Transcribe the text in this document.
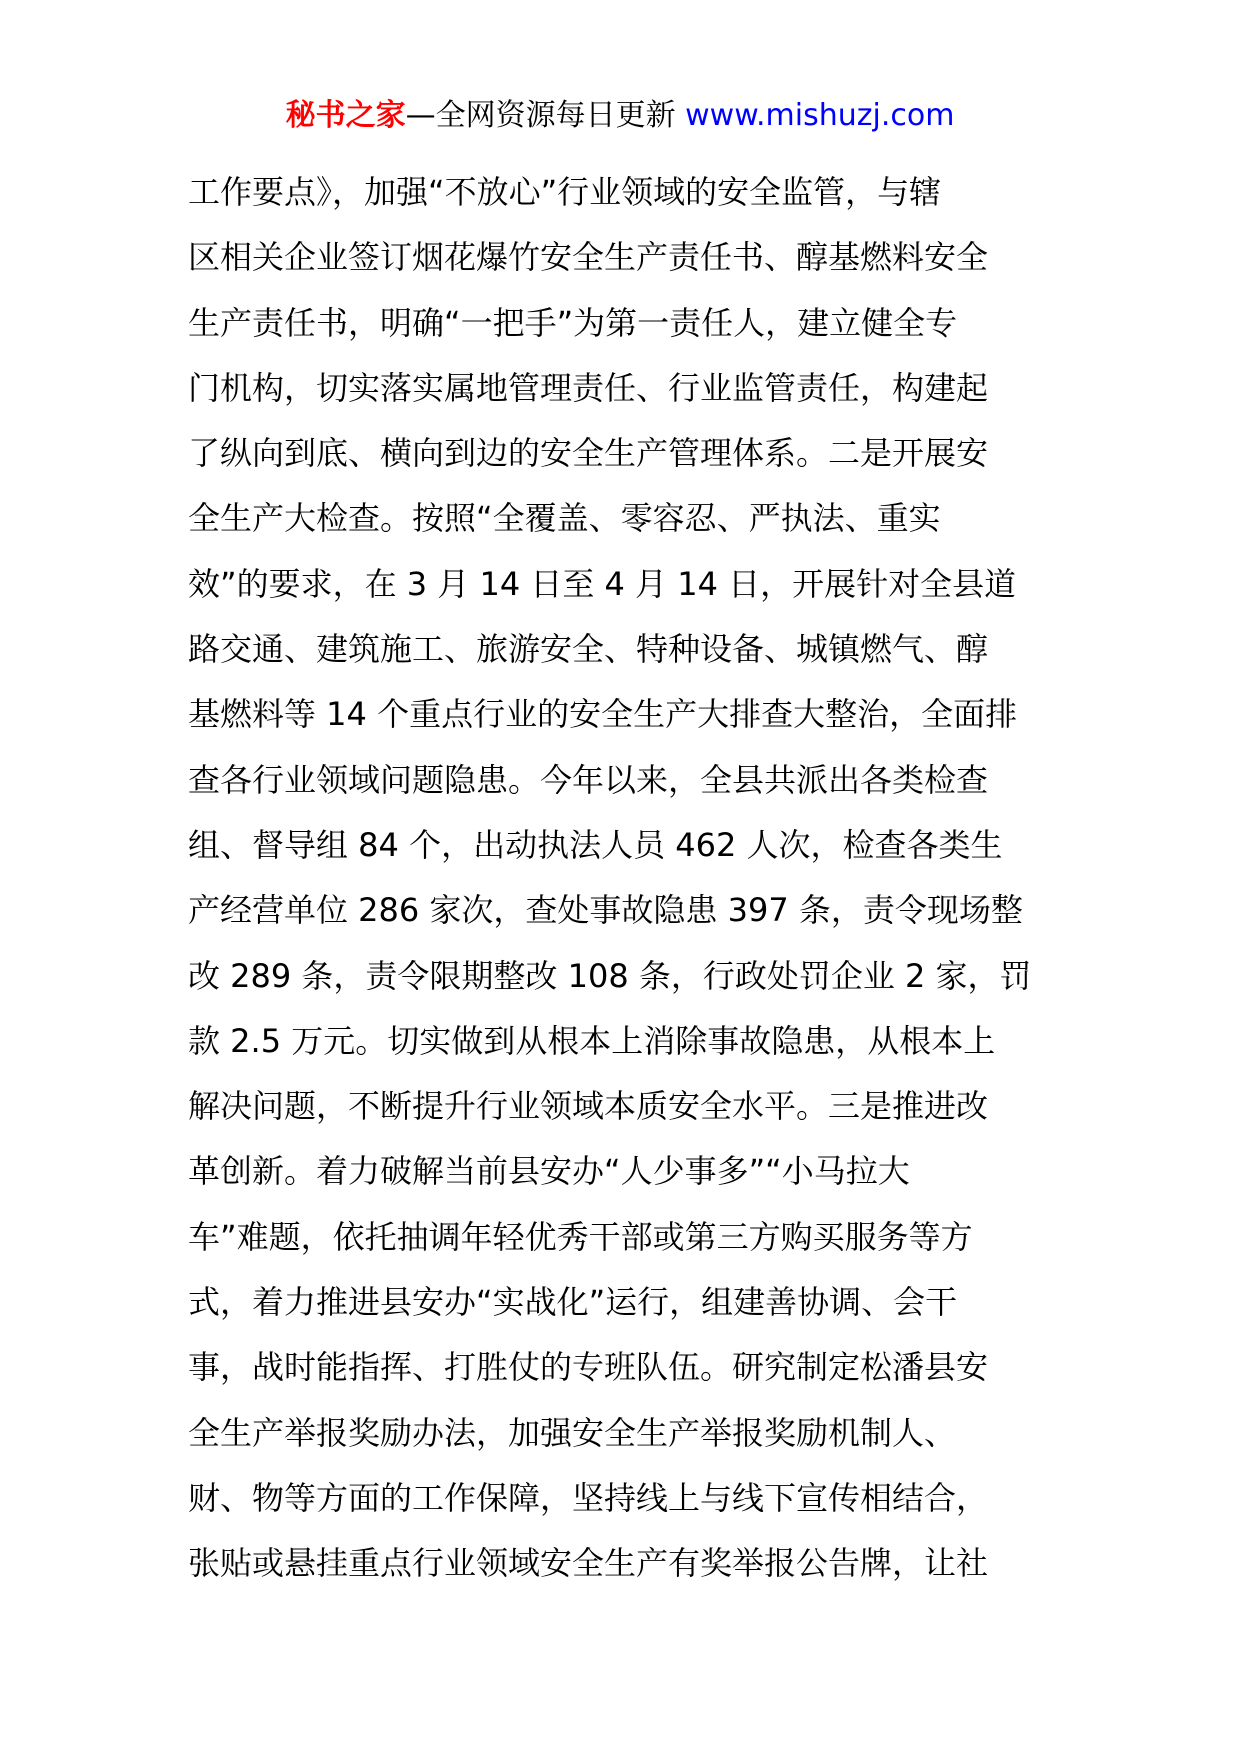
秘书之家—全网资源每日更新 www.mishuzj.com
工作要点》，加强“不放心”行业领域的安全监管，与辖
区相关企业签订烟花爆竹安全生产责任书、醇基燃料安全
生产责任书，明确“一把手”为第一责任人，建立健全专
门机构，切实落实属地管理责任、行业监管责任，构建起
了纵向到底、横向到边的安全生产管理体系。二是开展安
全生产大检查。按照“全覆盖、零容忍、严执法、重实
效”的要求，在 3 月 14 日至 4 月 14 日，开展针对全县道
路交通、建筑施工、旅游安全、特种设备、城镇燃气、醇
基燃料等 14 个重点行业的安全生产大排查大整治，全面排
查各行业领域问题隐患。今年以来，全县共派出各类检查
组、督导组 84 个，出动执法人员 462 人次，检查各类生
产经营单位 286 家次，查处事故隐患 397 条，责令现场整
改 289 条，责令限期整改 108 条，行政处罚企业 2 家，罚
款 2.5 万元。切实做到从根本上消除事故隐患，从根本上
解决问题，不断提升行业领域本质安全水平。三是推进改
革创新。着力破解当前县安办“人少事多”“小马拉大
车”难题，依托抽调年轻优秀干部或第三方购买服务等方
式，着力推进县安办“实战化”运行，组建善协调、会干
事，战时能指挥、打胜仗的专班队伍。研究制定松潘县安
全生产举报奖励办法，加强安全生产举报奖励机制人、
财、物等方面的工作保障，坚持线上与线下宣传相结合，
张贴或悬挂重点行业领域安全生产有奖举报公告牌，让社
